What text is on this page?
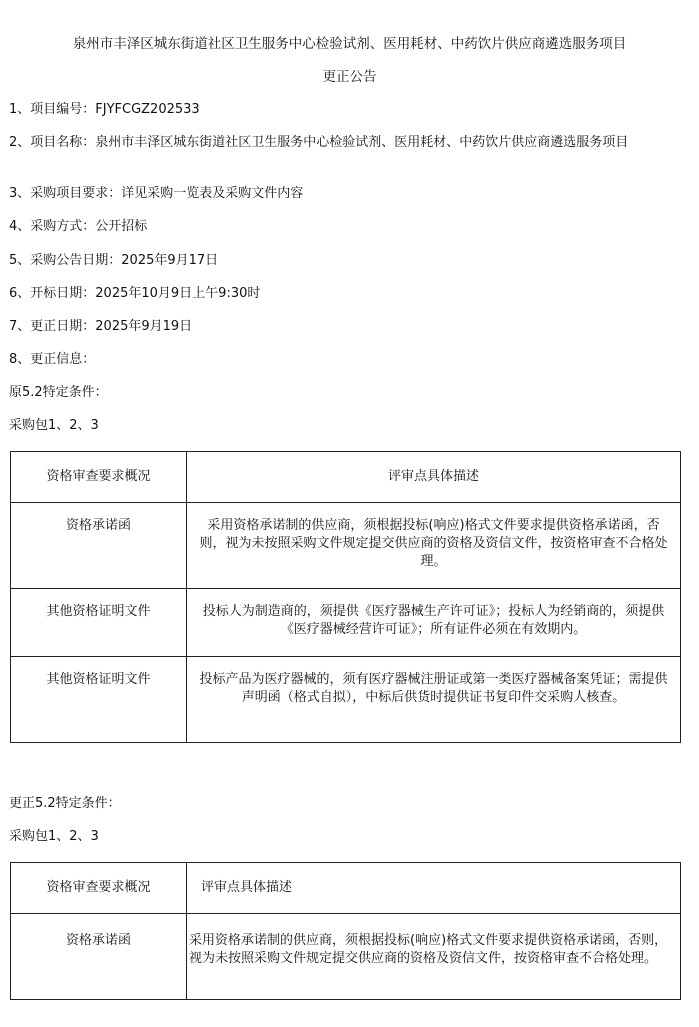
泉州市丰泽区城东街道社区卫生服务中心检验试剂、医用耗材、中药饮片供应商遴选服务项目
更正公告
1、项目编号：FJYFCGZ202533
2、项目名称：泉州市丰泽区城东街道社区卫生服务中心检验试剂、医用耗材、中药饮片供应商遴选服务项目
3、采购项目要求：详见采购一览表及采购文件内容
4、采购方式：公开招标
5、采购公告日期：2025年9月17日
6、开标日期：2025年10月9日上午9:30时
7、更正日期：2025年9月19日
8、更正信息：
原5.2特定条件：
采购包1、2、3
资格审查要求概况	评审点具体描述
资格承诺函	采用资格承诺制的供应商，须根据投标(响应)格式文件要求提供资格承诺函，否则，视为未按照采购文件规定提交供应商的资格及资信文件，按资格审查不合格处理。
其他资格证明文件	投标人为制造商的，须提供《医疗器械生产许可证》；投标人为经销商的，须提供《医疗器械经营许可证》；所有证件必须在有效期内。
其他资格证明文件	投标产品为医疗器械的，须有医疗器械注册证或第一类医疗器械备案凭证；需提供声明函（格式自拟），中标后供货时提供证书复印件交采购人核查。
更正5.2特定条件：
采购包1、2、3
资格审查要求概况	评审点具体描述
资格承诺函	采用资格承诺制的供应商，须根据投标(响应)格式文件要求提供资格承诺函，否则，视为未按照采购文件规定提交供应商的资格及资信文件，按资格审查不合格处理。
